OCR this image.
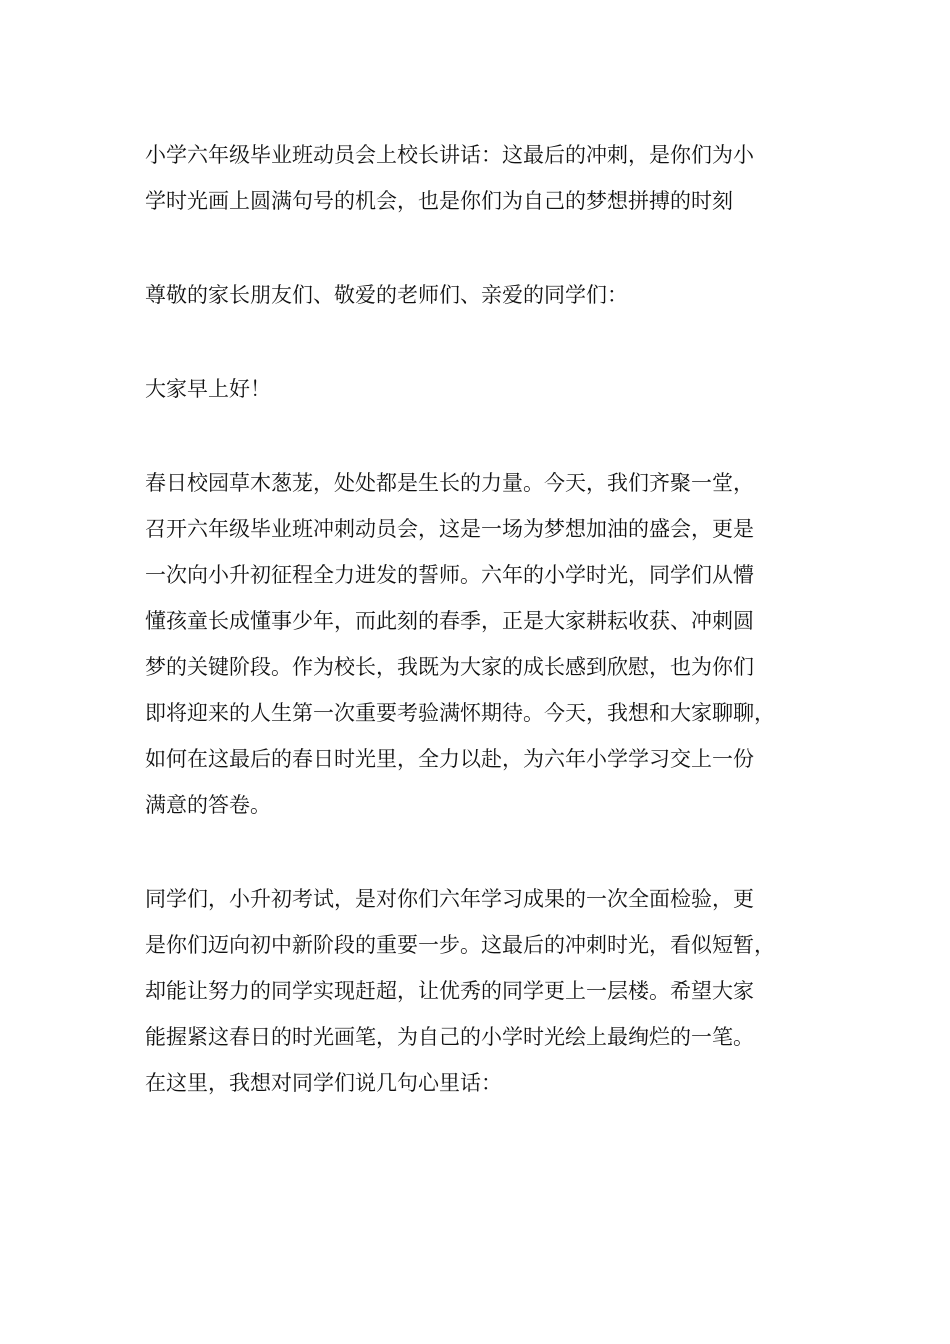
小学六年级毕业班动员会上校长讲话：这最后的冲刺，是你们为小
学时光画上圆满句号的机会，也是你们为自己的梦想拼搏的时刻

尊敬的家长朋友们、敬爱的老师们、亲爱的同学们：

大家早上好！

春日校园草木葱茏，处处都是生长的力量。今天，我们齐聚一堂，
召开六年级毕业班冲刺动员会，这是一场为梦想加油的盛会，更是
一次向小升初征程全力进发的誓师。六年的小学时光，同学们从懵
懂孩童长成懂事少年，而此刻的春季，正是大家耕耘收获、冲刺圆
梦的关键阶段。作为校长，我既为大家的成长感到欣慰，也为你们
即将迎来的人生第一次重要考验满怀期待。今天，我想和大家聊聊，
如何在这最后的春日时光里，全力以赴，为六年小学学习交上一份
满意的答卷。

同学们，小升初考试，是对你们六年学习成果的一次全面检验，更
是你们迈向初中新阶段的重要一步。这最后的冲刺时光，看似短暂，
却能让努力的同学实现赶超，让优秀的同学更上一层楼。希望大家
能握紧这春日的时光画笔，为自己的小学时光绘上最绚烂的一笔。
在这里，我想对同学们说几句心里话：
